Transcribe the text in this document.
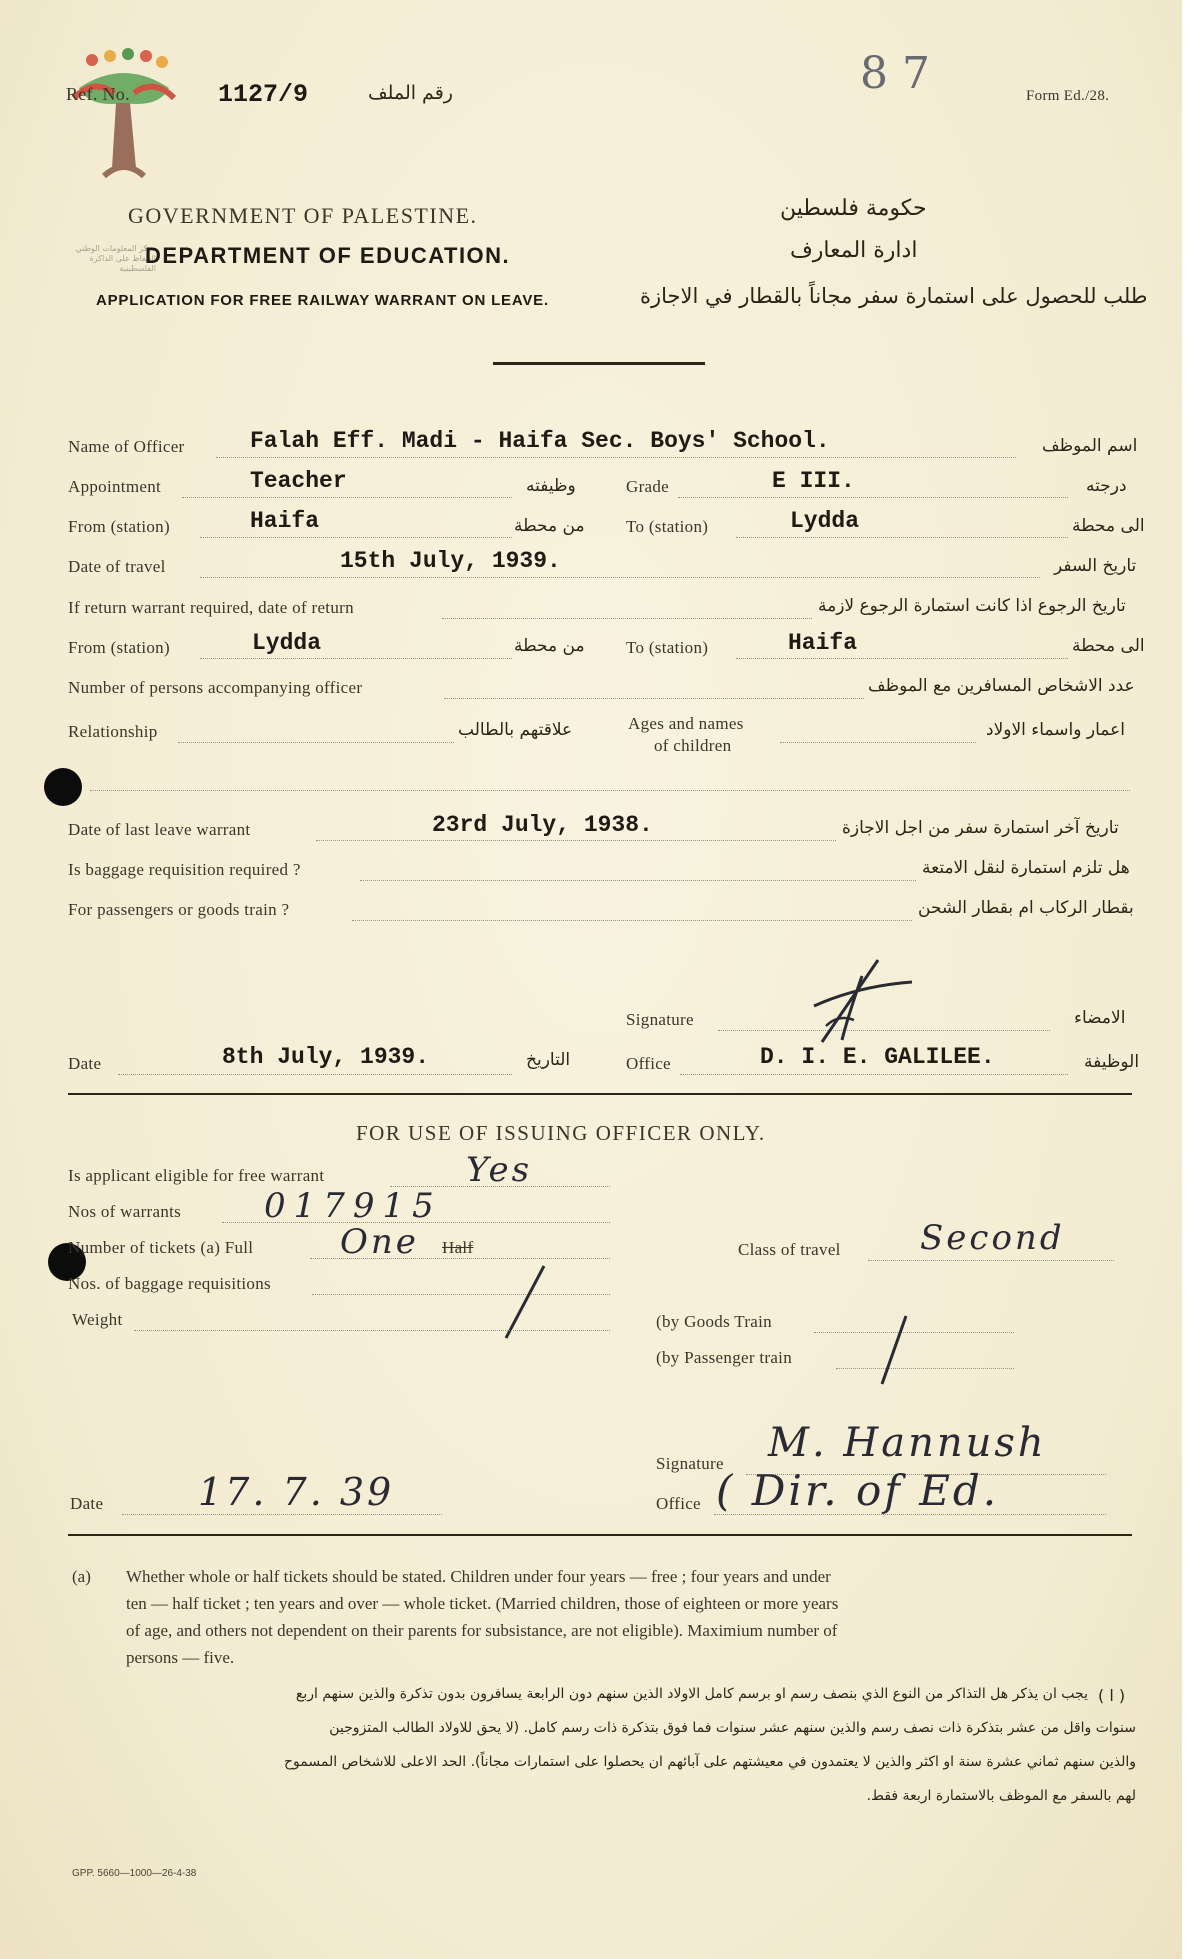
Ref. No.	1127/9	رقم الملف	87	Form Ed./28.
GOVERNMENT OF PALESTINE.	حكومة فلسطين
مركز المعلومات الوطني الحفاظ على الذاكرة الفلسطينية
DEPARTMENT OF EDUCATION.	ادارة المعارف
APPLICATION FOR FREE RAILWAY WARRANT ON LEAVE.	طلب للحصول على استمارة سفر مجاناً بالقطار في الاجازة
Name of Officer	Falah Eff. Madi - Haifa Sec. Boys' School.	اسم الموظف
Appointment	Teacher	وظيفته	Grade	E III.	درجته
From (station)	Haifa	من محطة To (station)	Lydda	الى محطة
Date of travel	15th July, 1939.	تاريخ السفر
If return warrant required, date of return	تاريخ الرجوع اذا كانت استمارة الرجوع لازمة
From (station)	Lydda	من محطة To (station)	Haifa	الى محطة
Number of persons accompanying officer	عدد الاشخاص المسافرين مع الموظف
Relationship	علاقتهم بالطالب	Ages and names
of children
اعمار واسماء الاولاد
Date of last leave warrant	23rd July, 1938.	تاريخ آخر استمارة سفر من اجل الاجازة
Is baggage requisition required ?	هل تلزم استمارة لنقل الامتعة
For passengers or goods train ?	بقطار الركاب ام بقطار الشحن
Signature	الامضاء
Date	8th July, 1939.	التاريخ	Office	D. I. E. GALILEE.	الوظيفة
FOR USE OF ISSUING OFFICER ONLY.
Is applicant eligible for free warrant	Yes
Nos of warrants 017915
Number of tickets (a) Full	One Half	Class of travel Second
Nos. of baggage requisitions
Weight	(by Goods Train
(by Passenger train
Signature M. Hannush
Date 17. 7. 39	Office ( Dir. of Ed.
(a) Whether whole or half tickets should be stated. Children under four years — free ; four years and under
ten — half ticket ; ten years and over — whole ticket. (Married children, those of eighteen or more years
of age, and others not dependent on their parents for subsistance, are not eligible). Maximium number of
persons — five.
( ا )
يجب ان يذكر هل التذاكر من النوع الذي بنصف رسم او برسم كامل الاولاد الذين سنهم دون الرابعة يسافرون بدون تذكرة والذين سنهم اربع
سنوات واقل من عشر بتذكرة ذات نصف رسم والذين سنهم عشر سنوات فما فوق بتذكرة ذات رسم كامل. (لا يحق للاولاد الطالب المتزوجين
والذين سنهم ثماني عشرة سنة او اكثر والذين لا يعتمدون في معيشتهم على آبائهم ان يحصلوا على استمارات مجاناً). الحد الاعلى للاشخاص المسموح
لهم بالسفر مع الموظف بالاستمارة اربعة فقط.
GPP. 5660—1000—26-4-38
